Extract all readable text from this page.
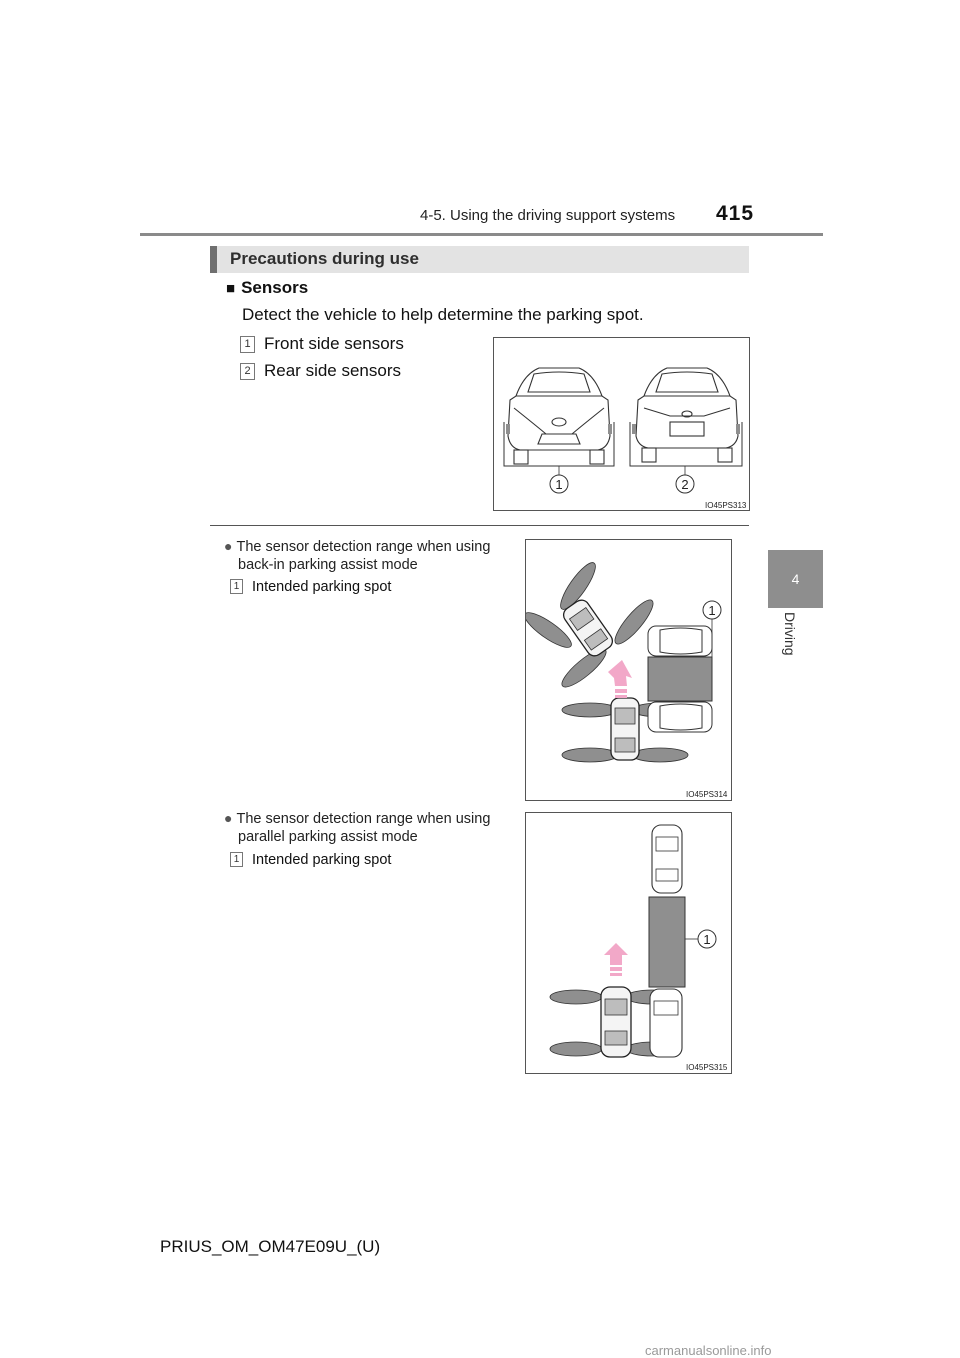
4-5. Using the driving support systems 415
4
Driving
Precautions during use
■ Sensors
Detect the vehicle to help determine the parking spot.
1 Front side sensors
2 Rear side sensors
1	2
IO45PS313
● The sensor detection range when using
back-in parking assist mode
1 Intended parking spot
1
IO45PS314
● The sensor detection range when using
parallel parking assist mode
1 Intended parking spot
1
IO45PS315
PRIUS_OM_OM47E09U_(U)
carmanualsonline.info
